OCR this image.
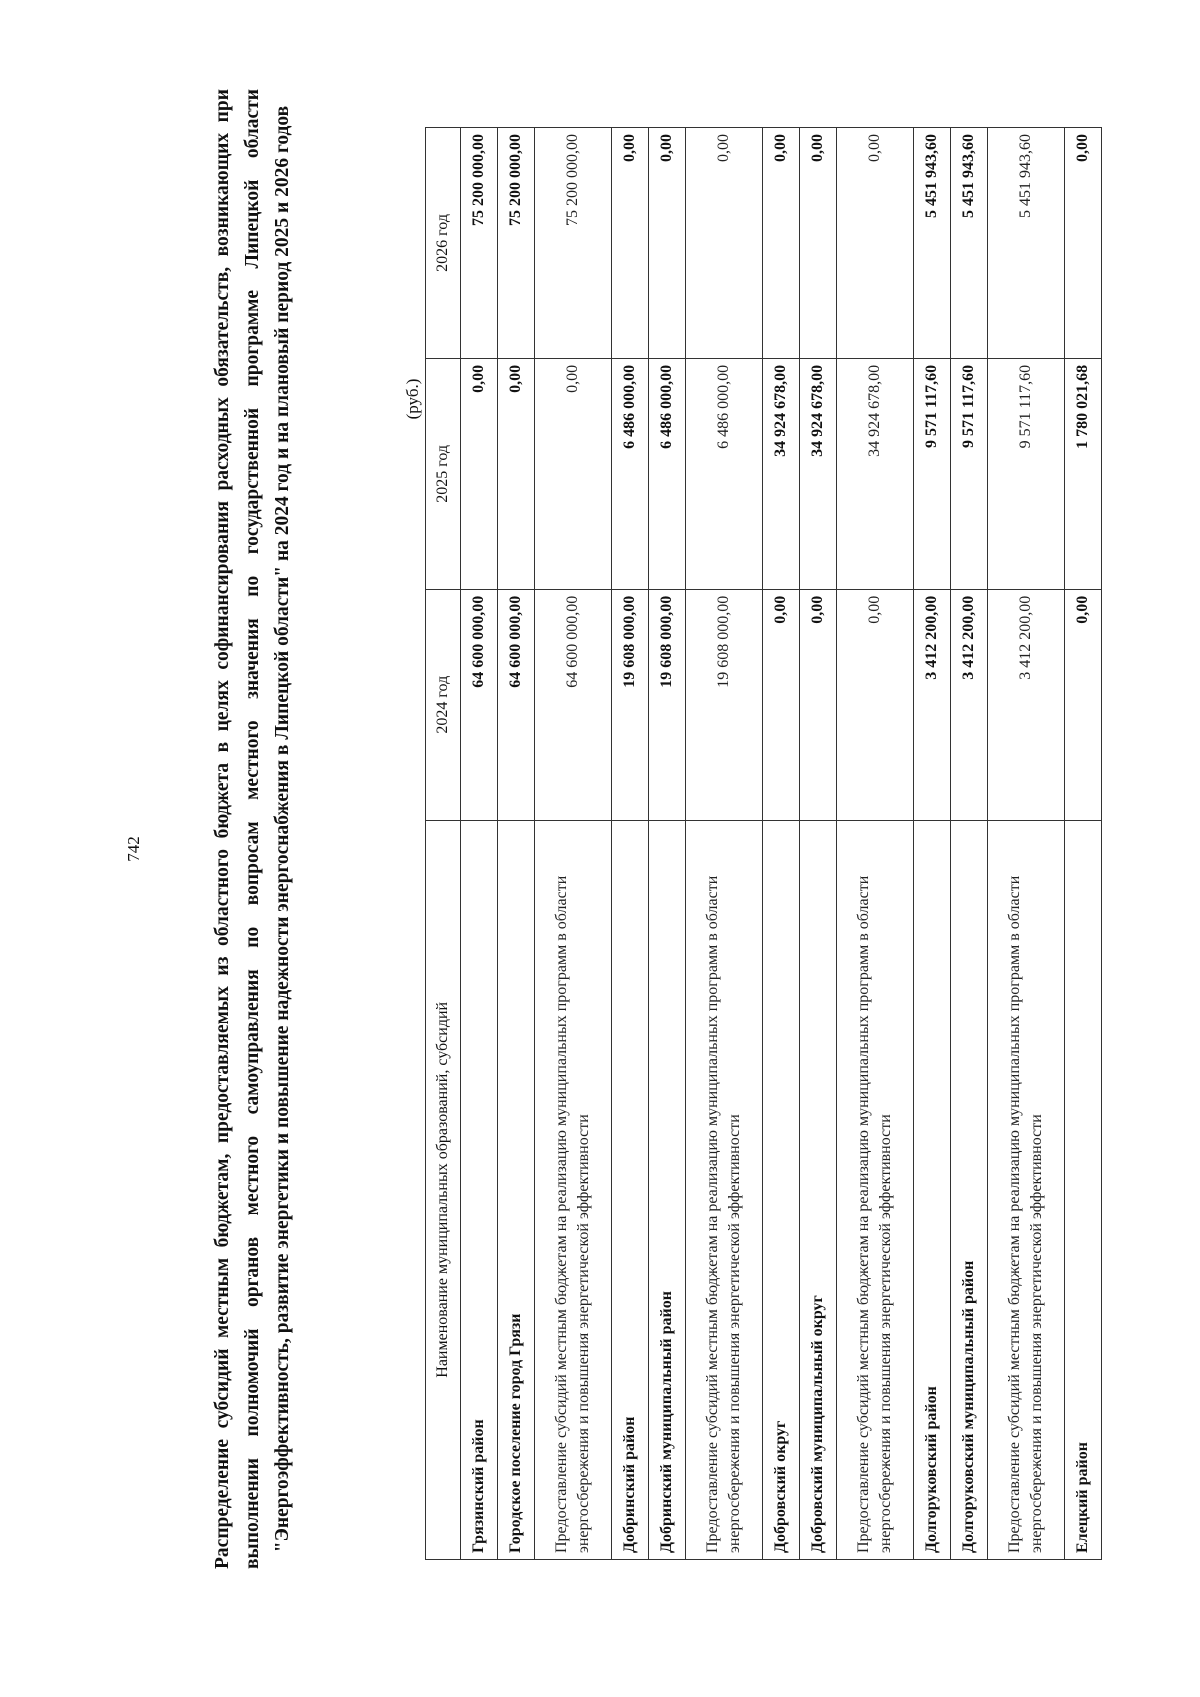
742	Распределение субсидий местным бюджетам, предоставляемых из областного бюджета в целях софинансирования расходных обязательств, возникающих при выполнении полномочий органов местного самоуправления по вопросам местного значения по государственной программе Липецкой области "Энергоэффективность, развитие энергетики и повышение надежности энергоснабжения в Липецкой области" на 2024 год и на плановый период 2025 и 2026 годов	(руб.)
Наименование муниципальных образований, субсидий	2024 год	2025 год	2026 год
Грязинский район	64 600 000,00	0,00	75 200 000,00
Городское поселение город Грязи	64 600 000,00	0,00	75 200 000,00
Предоставление субсидий местным бюджетам на реализацию муниципальных программ в области энергосбережения и повышения энергетической эффективности	64 600 000,00	0,00	75 200 000,00
Добринский район	19 608 000,00	6 486 000,00	0,00
Добринский муниципальный район	19 608 000,00	6 486 000,00	0,00
Предоставление субсидий местным бюджетам на реализацию муниципальных программ в области энергосбережения и повышения энергетической эффективности	19 608 000,00	6 486 000,00	0,00
Добровский округ	0,00	34 924 678,00	0,00
Добровский муниципальный округ	0,00	34 924 678,00	0,00
Предоставление субсидий местным бюджетам на реализацию муниципальных программ в области энергосбережения и повышения энергетической эффективности	0,00	34 924 678,00	0,00
Долгоруковский район	3 412 200,00	9 571 117,60	5 451 943,60
Долгоруковский муниципальный район	3 412 200,00	9 571 117,60	5 451 943,60
Предоставление субсидий местным бюджетам на реализацию муниципальных программ в области энергосбережения и повышения энергетической эффективности	3 412 200,00	9 571 117,60	5 451 943,60
Елецкий район	0,00	1 780 021,68	0,00
